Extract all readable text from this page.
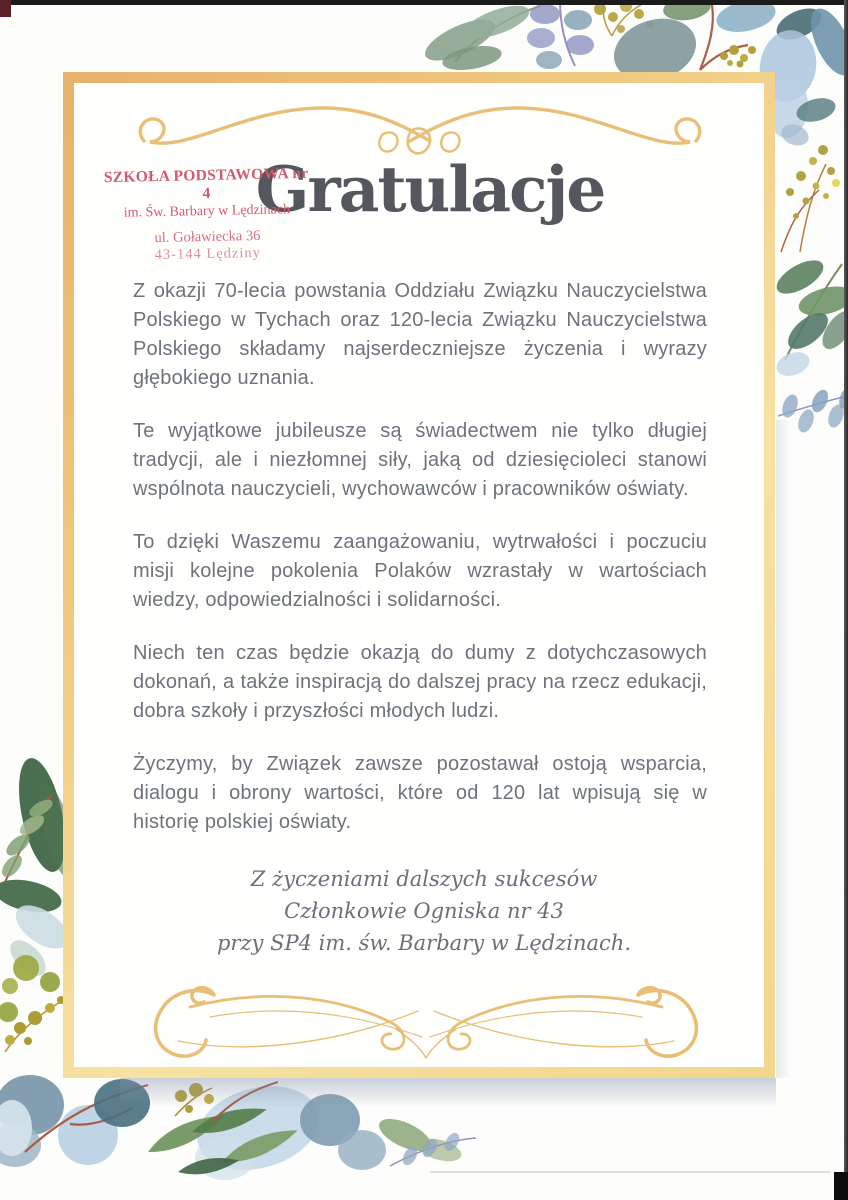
SZKOŁA PODSTAWOWA nr 4
im. Św. Barbary w Lędzinach
ul. Goławiecka 36
43-144 Lędziny
Gratulacje

Z okazji 70-lecia powstania Oddziału Związku Nauczycielstwa Polskiego w Tychach oraz 120-lecia Związku Nauczycielstwa Polskiego składamy najserdeczniejsze życzenia i wyrazy głębokiego uznania.

Te wyjątkowe jubileusze są świadectwem nie tylko długiej tradycji, ale i niezłomnej siły, jaką od dziesięcioleci stanowi wspólnota nauczycieli, wychowawców i pracowników oświaty.

To dzięki Waszemu zaangażowaniu, wytrwałości i poczuciu misji kolejne pokolenia Polaków wzrastały w wartościach wiedzy, odpowiedzialności i solidarności.

Niech ten czas będzie okazją do dumy z dotychczasowych dokonań, a także inspiracją do dalszej pracy na rzecz edukacji, dobra szkoły i przyszłości młodych ludzi.

Życzymy, by Związek zawsze pozostawał ostoją wsparcia, dialogu i obrony wartości, które od 120 lat wpisują się w historię polskiej oświaty.

Z życzeniami dalszych sukcesów
Członkowie Ogniska nr 43
przy SP4 im. św. Barbary w Lędzinach.
